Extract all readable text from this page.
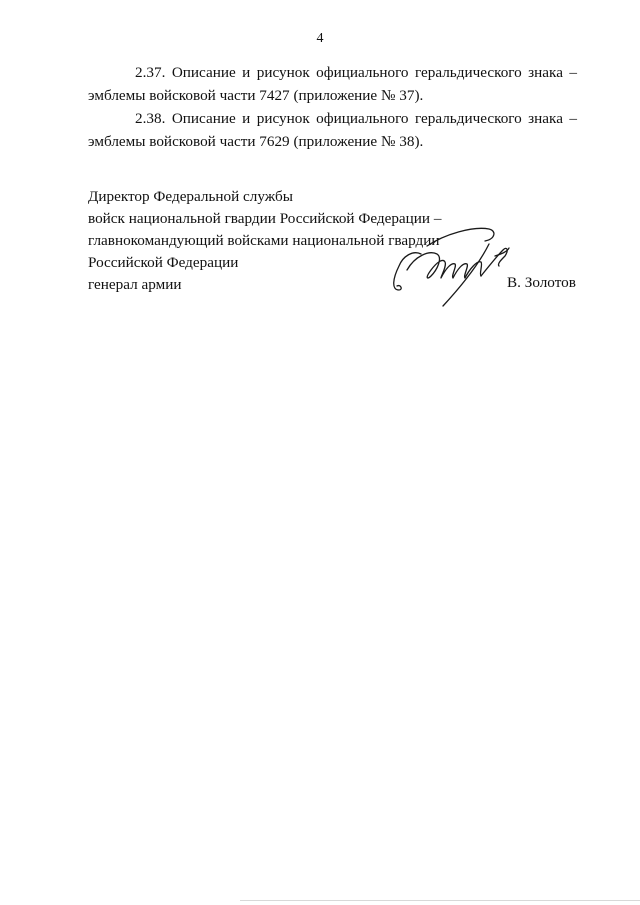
4
2.37. Описание и рисунок официального геральдического знака –
эмблемы войсковой части 7427 (приложение № 37).
2.38. Описание и рисунок официального геральдического знака –
эмблемы войсковой части 7629 (приложение № 38).
Директор Федеральной службы
войск национальной гвардии Российской Федерации –
главнокомандующий войсками национальной гвардии
Российской Федерации
генерал армии	В. Золотов
